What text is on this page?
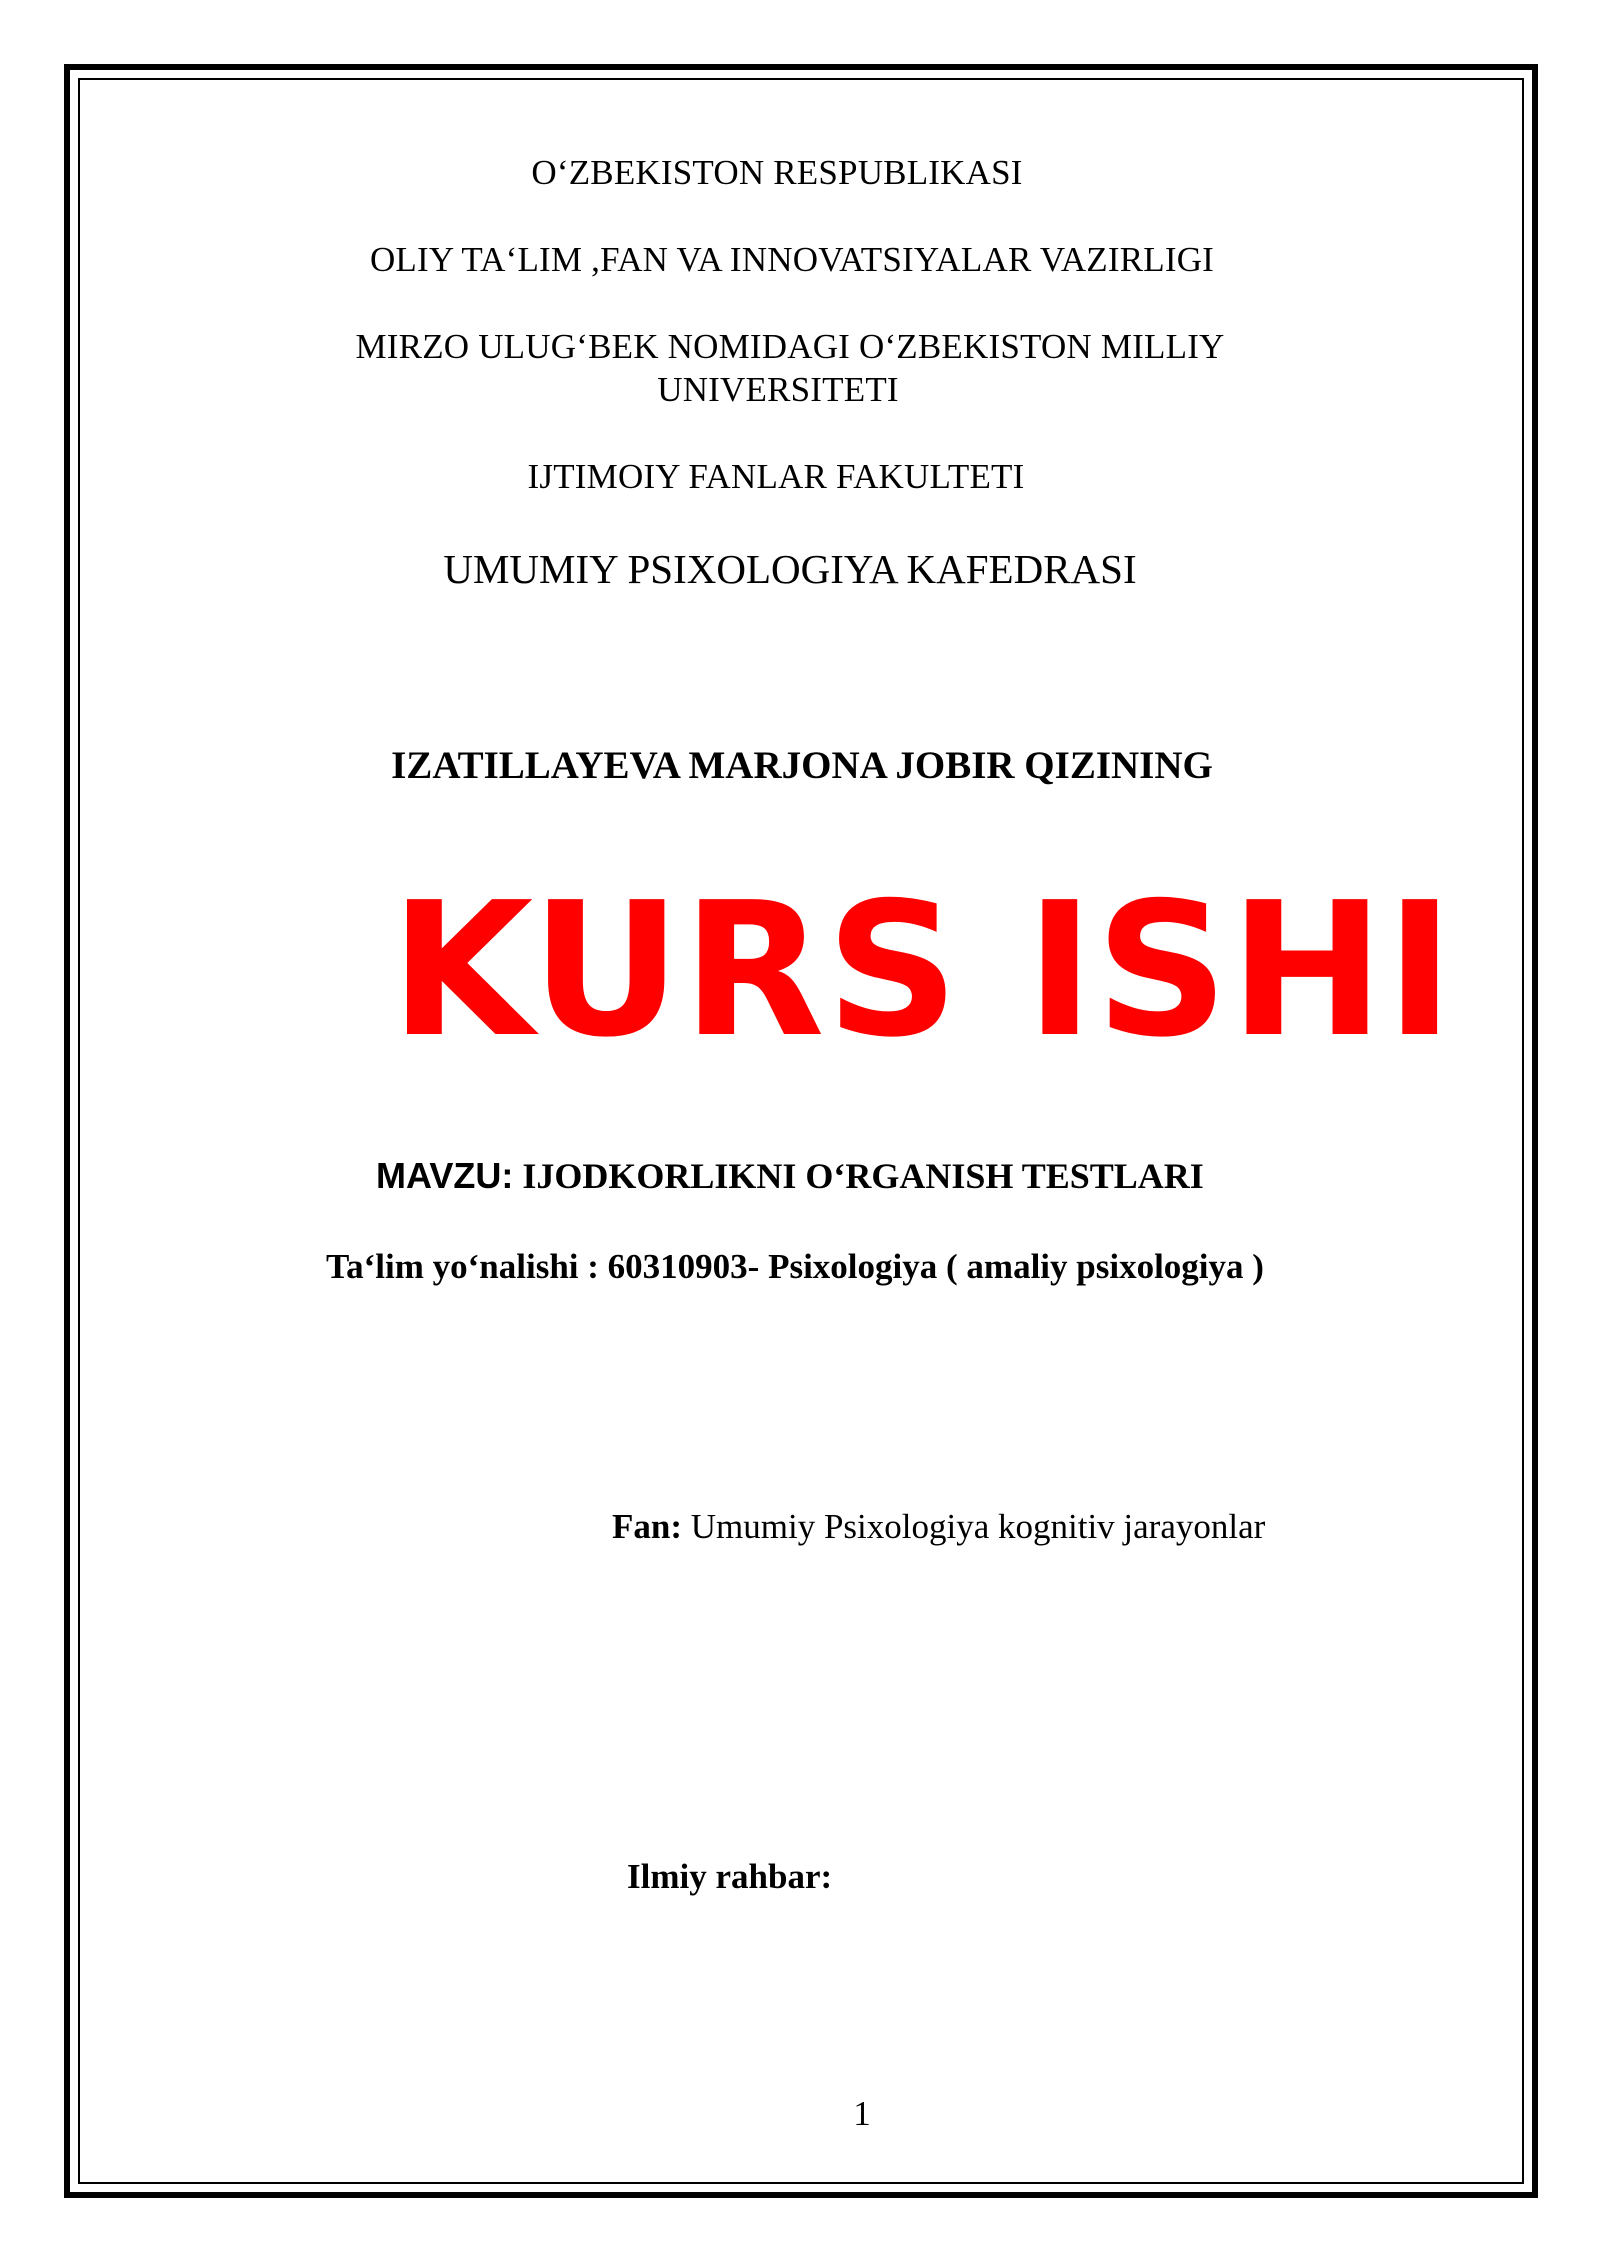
O‘ZBEKISTON RESPUBLIKASI
OLIY TA‘LIM ,FAN VA INNOVATSIYALAR VAZIRLIGI
MIRZO ULUG‘BEK NOMIDAGI O‘ZBEKISTON MILLIY
UNIVERSITETI
IJTIMOIY FANLAR FAKULTETI
UMUMIY PSIXOLOGIYA KAFEDRASI
IZATILLAYEVA MARJONA JOBIR QIZINING
KURS ISHI
MAVZU: IJODKORLIKNI O‘RGANISH TESTLARI
Ta‘lim yo‘nalishi : 60310903- Psixologiya ( amaliy psixologiya )
Fan: Umumiy Psixologiya kognitiv jarayonlar
Ilmiy rahbar:
1
